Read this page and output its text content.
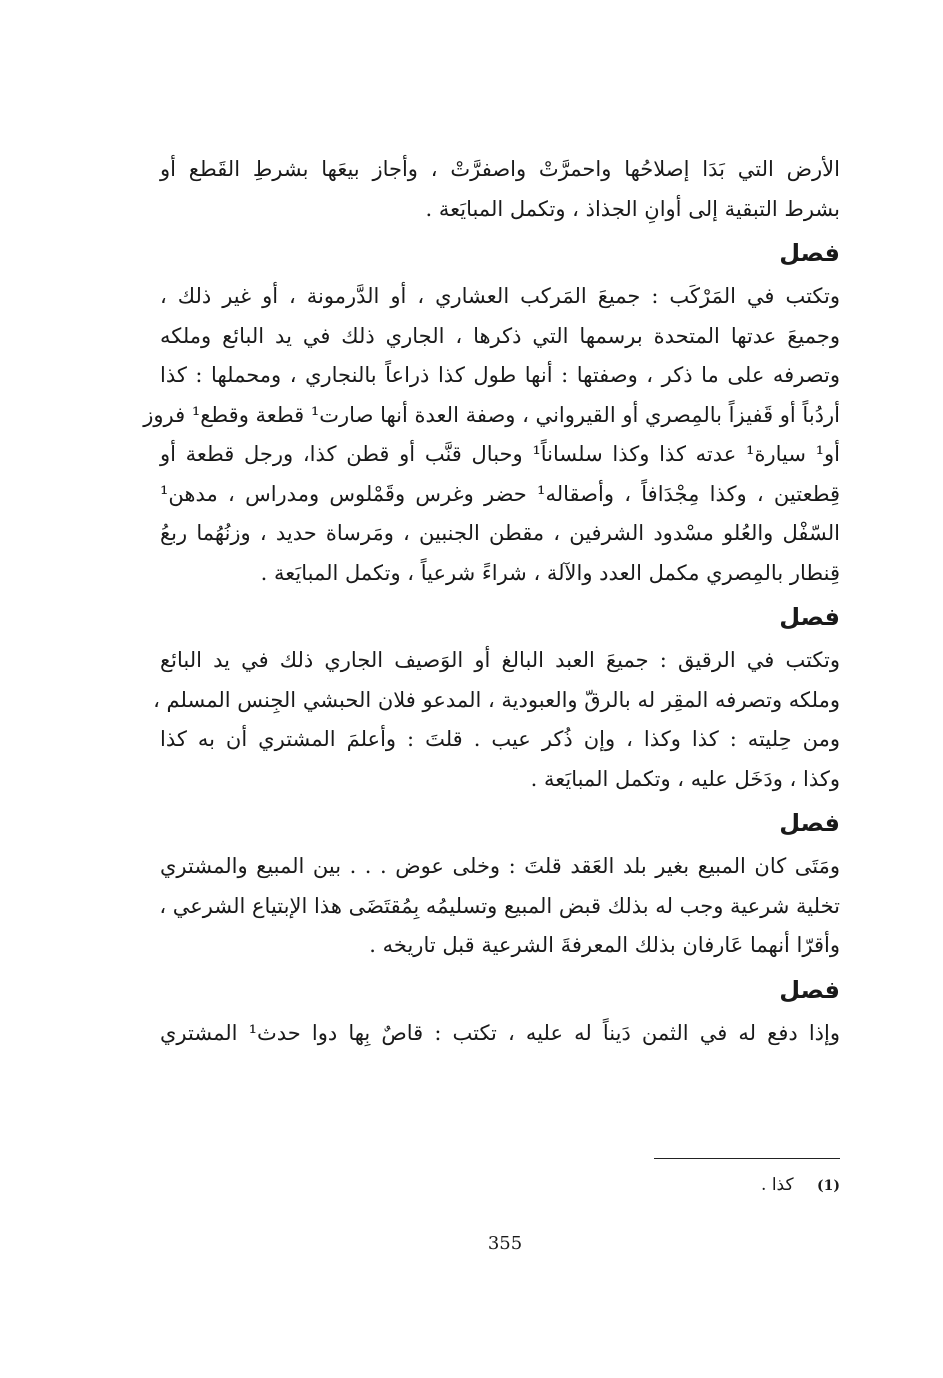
الأرض التي بَدَا إصلاحُها واحمرَّتْ واصفرَّتْ ، وأجاز بيعَها بشرطِ القَطع أو
بشرط التبقية إلى أوانِ الجذاذ ، وتكمل المبايَعة .

فصل

وتكتب في المَرْكَب : جميعَ المَركب العشاري ، أو الدَّرمونة ، أو غير ذلك ،
وجميعَ عدتها المتحدة برسمها التي ذكرها ، الجاري ذلك في يد البائع وملكه
وتصرفه على ما ذكر ، وصفتها : أنها طول كذا ذراعاً بالنجاري ، ومحملها : كذا
أردُباً أو قَفيزاً بالمِصري أو القيرواني ، وصفة العدة أنها صارت¹ قطعة وقطع¹ فروز
أو¹ سيارة¹ عدته كذا وكذا سلساناً¹ وحبال قنَّب أو قطن كذا، ورجل قطعة أو
قِطعتين ، وكذا مِجْدَافاً ، وأصقاله¹ حضر وغرس وقَمْلوس ومدراس ، مدهن¹
السّفْل والعُلو مسْدود الشرفين ، مقطن الجنبين ، ومَرساة حديد ، وزنُهُما ربعُ
قِنطار بالمِصري مكمل العدد والآلة ، شراءً شرعياً ، وتكمل المبايَعة .

فصل

وتكتب في الرقيق : جميعَ العبد البالغ أو الوَصيف الجاري ذلك في يد البائع
وملكه وتصرفه المقِر له بالرقّ والعبودية ، المدعو فلان الحبشي الجِنس المسلم ،
ومن حِليته : كذا وكذا ، وإن ذُكر عيب . قلتَ : وأعلمَ المشتري أن به كذا
وكذا ، ودَخَل عليه ، وتكمل المبايَعة .

فصل

ومَتَى كان المبيع بغير بلد العَقد قلتَ : وخلى عوض . . . بين المبيع والمشتري
تخلية شرعية وجب له بذلك قبض المبيع وتسليمُه بِمُقتَضَى هذا الإبتياع الشرعي ،
وأقرّا أنهما عَارفان بذلك المعرفةَ الشرعية قبل تاريخه .

فصل

وإذا دفع له في الثمن دَيناً له عليه ، تكتب : قاصٌ بِها دوا حدث¹ المشتري

(1) كذا .
355
